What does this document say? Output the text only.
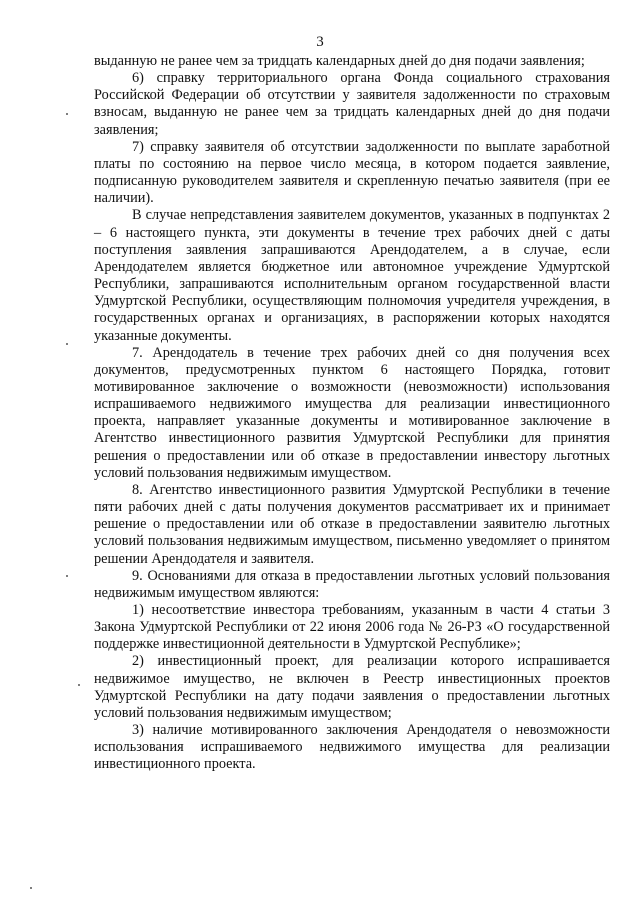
3

выданную не ранее чем за тридцать календарных дней до дня подачи заявления;

6) справку территориального органа Фонда социального страхования Российской Федерации об отсутствии у заявителя задолженности по страховым взносам, выданную не ранее чем за тридцать календарных дней до дня подачи заявления;

7) справку заявителя об отсутствии задолженности по выплате заработной платы по состоянию на первое число месяца, в котором подается заявление, подписанную руководителем заявителя и скрепленную печатью заявителя (при ее наличии).

В случае непредставления заявителем документов, указанных в подпунктах 2 – 6 настоящего пункта, эти документы в течение трех рабочих дней с даты поступления заявления запрашиваются Арендодателем, а в случае, если Арендодателем является бюджетное или автономное учреждение Удмуртской Республики, запрашиваются исполнительным органом государственной власти Удмуртской Республики, осуществляющим полномочия учредителя учреждения, в государственных органах и организациях, в распоряжении которых находятся указанные документы.

7. Арендодатель в течение трех рабочих дней со дня получения всех документов, предусмотренных пунктом 6 настоящего Порядка, готовит мотивированное заключение о возможности (невозможности) использования испрашиваемого недвижимого имущества для реализации инвестиционного проекта, направляет указанные документы и мотивированное заключение в Агентство инвестиционного развития Удмуртской Республики для принятия решения о предоставлении или об отказе в предоставлении инвестору льготных условий пользования недвижимым имуществом.

8. Агентство инвестиционного развития Удмуртской Республики в течение пяти рабочих дней с даты получения документов рассматривает их и принимает решение о предоставлении или об отказе в предоставлении заявителю льготных условий пользования недвижимым имуществом, письменно уведомляет о принятом решении Арендодателя и заявителя.

9. Основаниями для отказа в предоставлении льготных условий пользования недвижимым имуществом являются:

1) несоответствие инвестора требованиям, указанным в части 4 статьи 3 Закона Удмуртской Республики от 22 июня 2006 года № 26-РЗ «О государственной поддержке инвестиционной деятельности в Удмуртской Республике»;

2) инвестиционный проект, для реализации которого испрашивается недвижимое имущество, не включен в Реестр инвестиционных проектов Удмуртской Республики на дату подачи заявления о предоставлении льготных условий пользования недвижимым имуществом;

3) наличие мотивированного заключения Арендодателя о невозможности использования испрашиваемого недвижимого имущества для реализации инвестиционного проекта.
